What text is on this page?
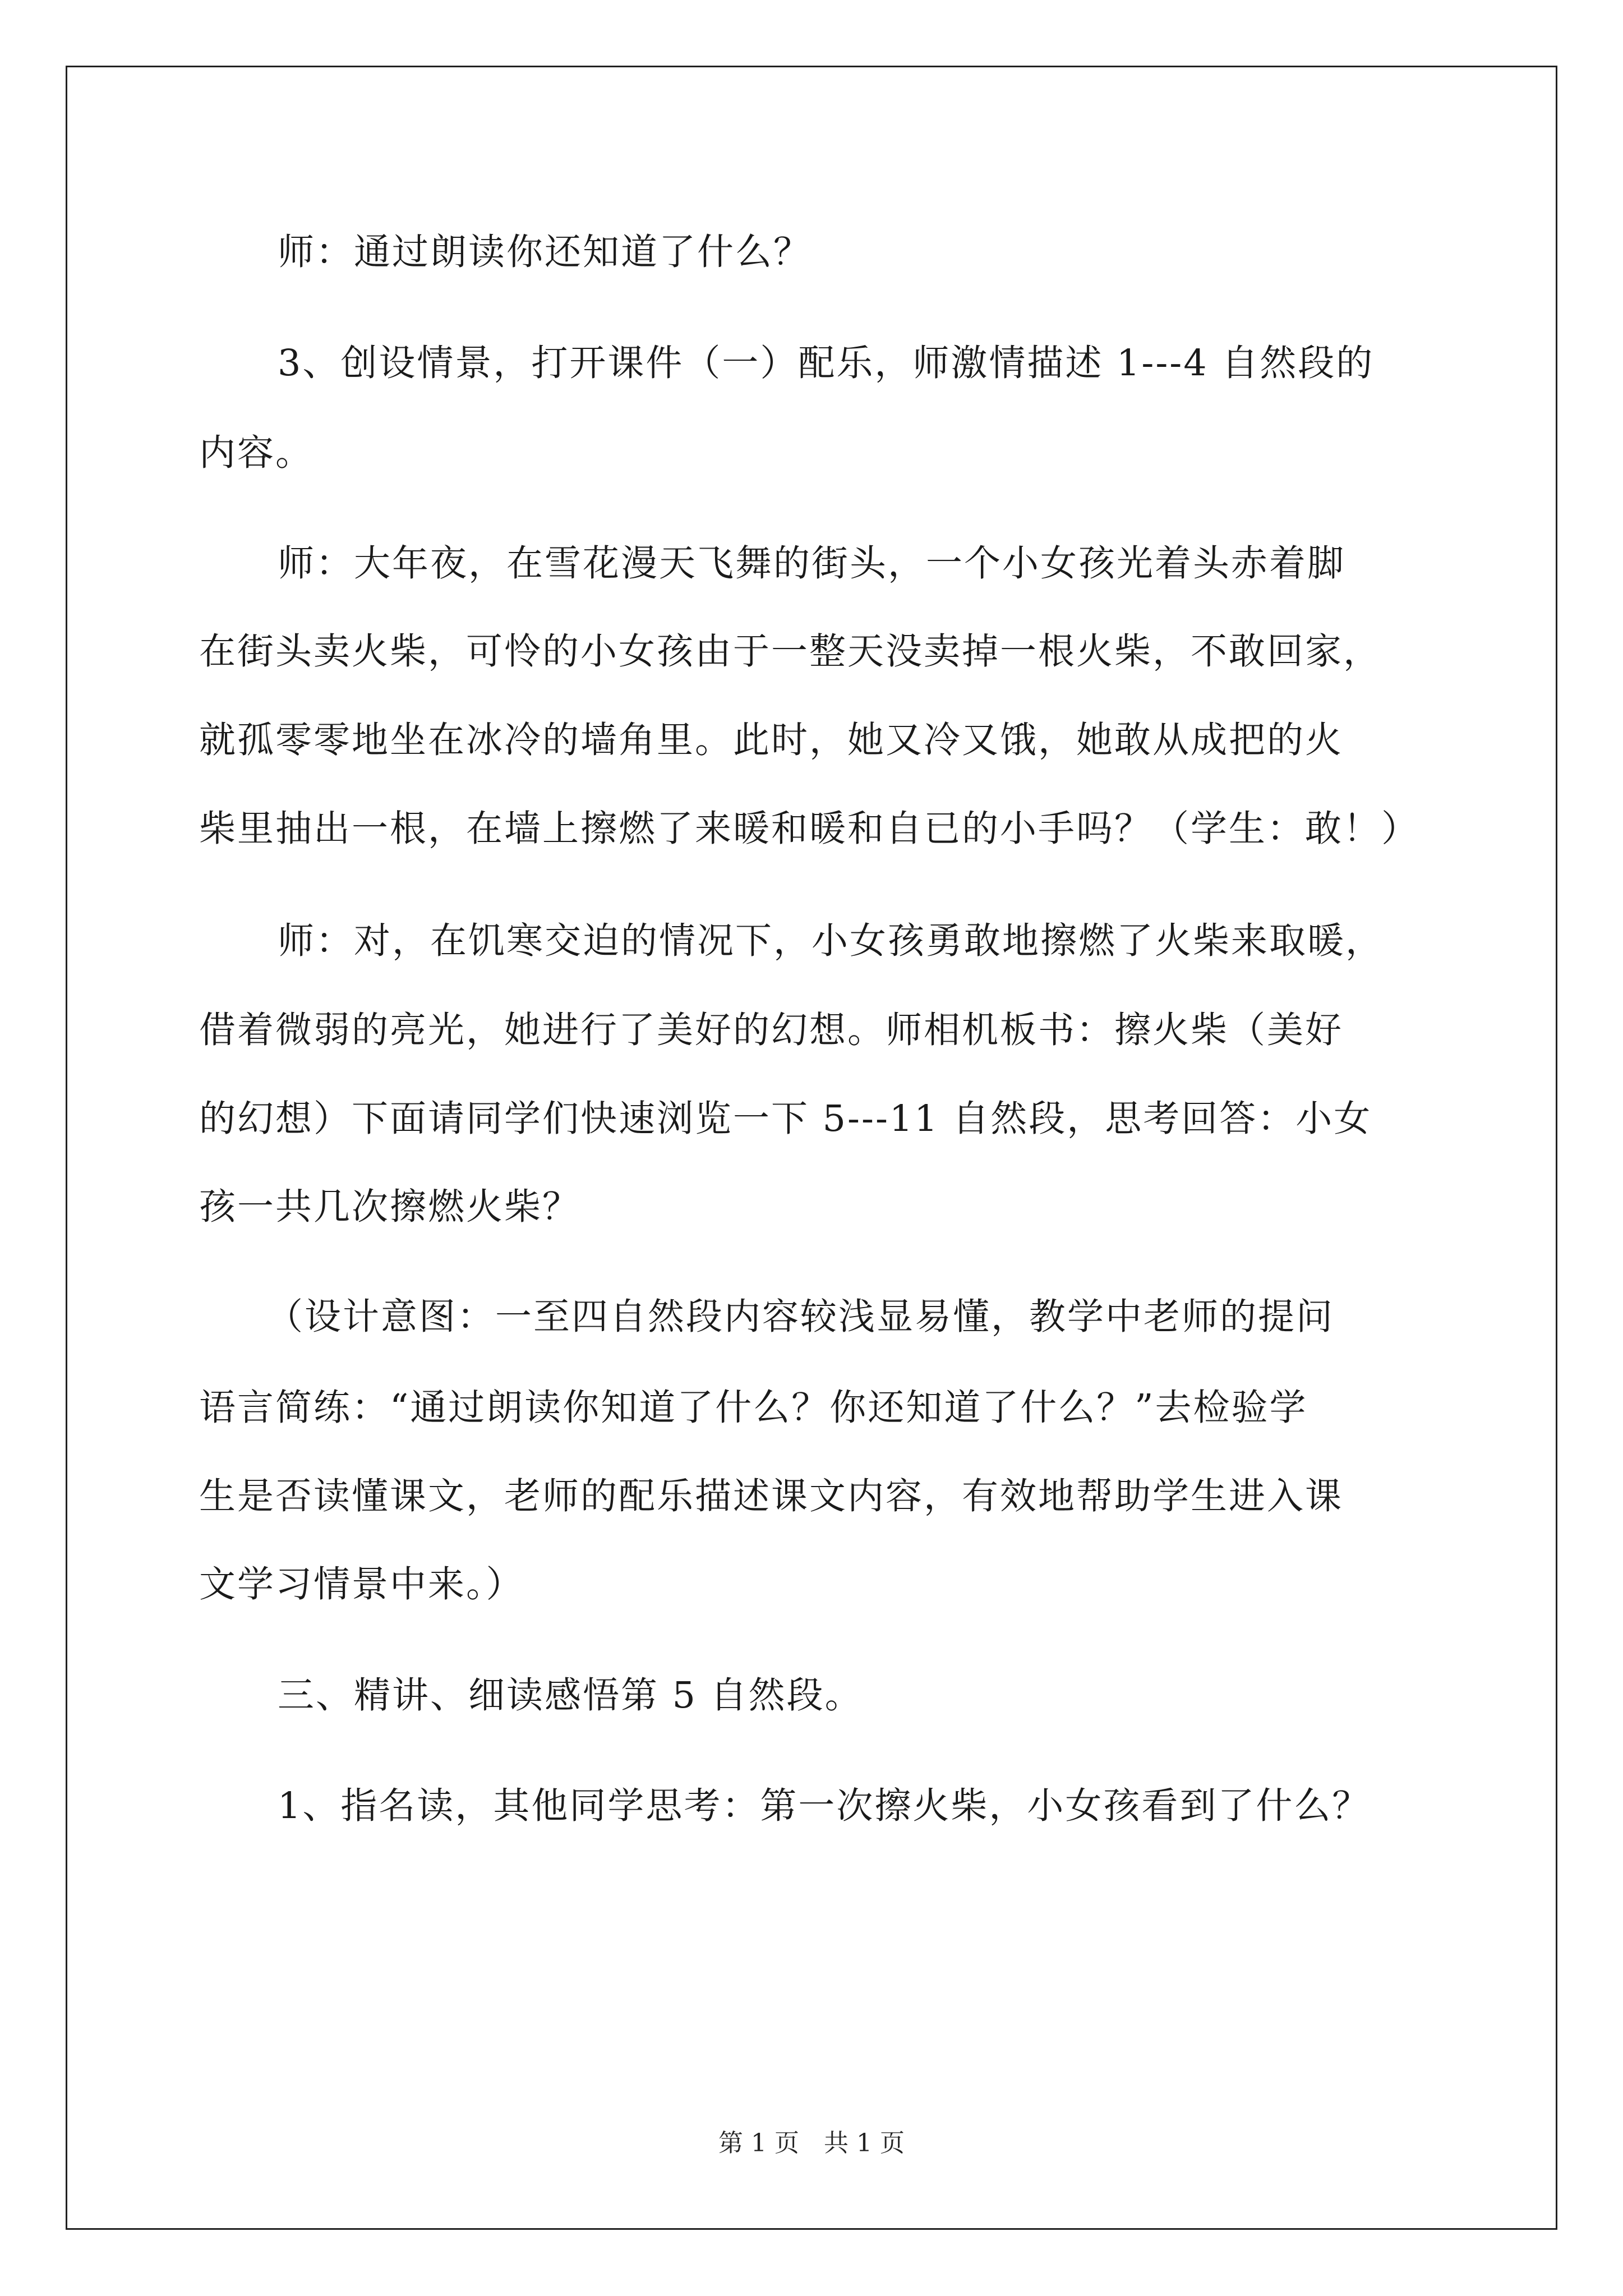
师：通过朗读你还知道了什么？
3、创设情景，打开课件（一）配乐，师激情描述 1---4 自然段的
内容。
师：大年夜，在雪花漫天飞舞的街头，一个小女孩光着头赤着脚
在街头卖火柴，可怜的小女孩由于一整天没卖掉一根火柴，不敢回家，
就孤零零地坐在冰冷的墙角里。此时，她又冷又饿，她敢从成把的火
柴里抽出一根，在墙上擦燃了来暖和暖和自已的小手吗？（学生：敢！）
师：对，在饥寒交迫的情况下，小女孩勇敢地擦燃了火柴来取暖，
借着微弱的亮光，她进行了美好的幻想。师相机板书：擦火柴（美好
的幻想）下面请同学们快速浏览一下 5---11 自然段，思考回答：小女
孩一共几次擦燃火柴？
（设计意图：一至四自然段内容较浅显易懂，教学中老师的提问
语言简练：“通过朗读你知道了什么？你还知道了什么？”去检验学
生是否读懂课文，老师的配乐描述课文内容，有效地帮助学生进入课
文学习情景中来。）
三、精讲、细读感悟第 5 自然段。
1、指名读，其他同学思考：第一次擦火柴，小女孩看到了什么？
第 1 页　共 1 页
